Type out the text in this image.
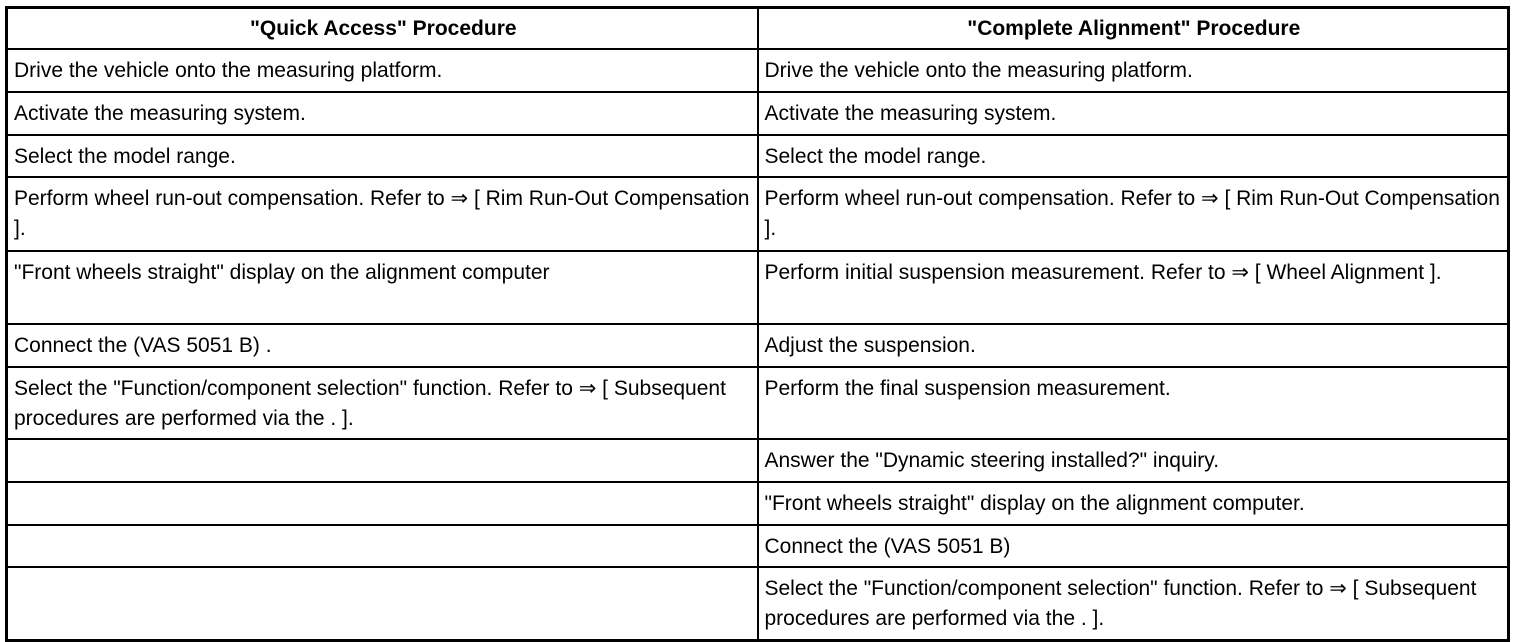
"Quick Access" Procedure	"Complete Alignment" Procedure
Drive the vehicle onto the measuring platform.	Drive the vehicle onto the measuring platform.
Activate the measuring system.	Activate the measuring system.
Select the model range.	Select the model range.
Perform wheel run-out compensation. Refer to ⇒ [ Rim Run-Out Compensation ].	Perform wheel run-out compensation. Refer to ⇒ [ Rim Run-Out Compensation ].
"Front wheels straight" display on the alignment computer	Perform initial suspension measurement. Refer to ⇒ [ Wheel Alignment ].
Connect the (VAS 5051 B) .	Adjust the suspension.
Select the "Function/component selection" function. Refer to ⇒ [ Subsequent procedures are performed via the . ].	Perform the final suspension measurement.
	Answer the "Dynamic steering installed?" inquiry.
	"Front wheels straight" display on the alignment computer.
	Connect the (VAS 5051 B)
	Select the "Function/component selection" function. Refer to ⇒ [ Subsequent procedures are performed via the . ].
